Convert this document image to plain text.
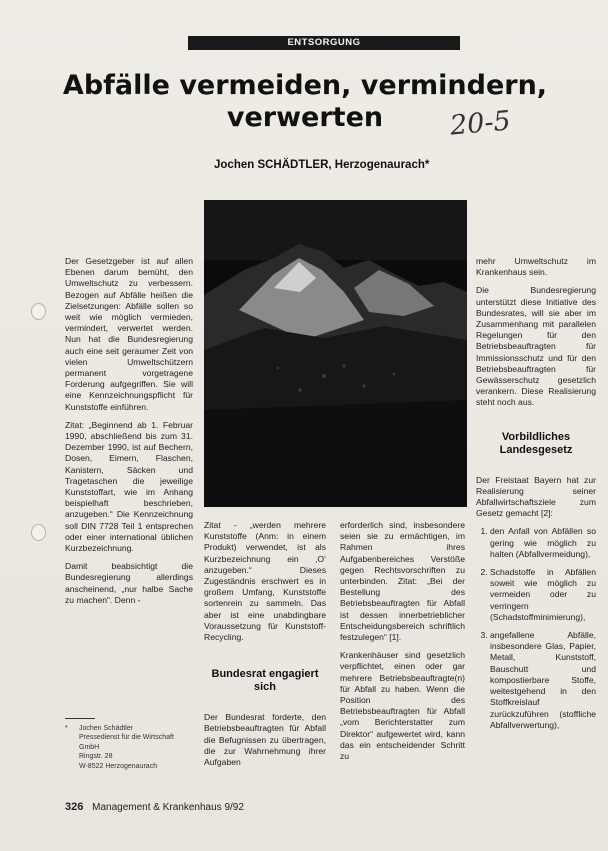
ENTSORGUNG
Abfälle vermeiden, vermindern,
verwerten	20-5
Jochen SCHÄDTLER, Herzogenaurach*

Der Gesetzgeber ist auf allen Ebenen darum bemüht, den Umweltschutz zu verbessern. Bezogen auf Abfälle heißen die Zielsetzungen: Abfälle sollen so weit wie möglich vermieden, vermindert, verwertet werden. Nun hat die Bundesregierung auch eine seit geraumer Zeit von vielen Umweltschützern permanent vorgetragene Forderung aufgegriffen. Sie will eine Kennzeichnungspflicht für Kunststoffe einführen.

Zitat: „Beginnend ab 1. Februar 1990, abschließend bis zum 31. Dezember 1990, ist auf Bechern, Dosen, Eimern, Flaschen, Kanistern, Säcken und Tragetaschen die jeweilige Kunststoffart, wie im Anhang beispielhaft beschrieben, anzugeben.“ Die Kennzeichnung soll DIN 7728 Teil 1 entsprechen oder einer international üblichen Kurzbezeichnung.

Damit beabsichtigt die Bundesregierung allerdings anscheinend, „nur halbe Sache zu machen“. Denn -

Zitat - „werden mehrere Kunststoffe (Anm: in einem Produkt) verwendet, ist als Kurzbezeichnung ein ‚O‘ anzugeben.“ Dieses Zugeständnis erschwert es in großem Umfang, Kunststoffe sortenrein zu sammeln. Das aber ist eine unabdingbare Voraussetzung für Kunststoff-Recycling.

Bundesrat engagiert sich

Der Bundesrat forderte, den Betriebsbeauftragten für Abfall die Befugnissen zu übertragen, die zur Wahrnehmung ihrer Aufgaben

erforderlich sind, insbesondere seien sie zu ermächtigen, im Rahmen ihres Aufgabenbereiches Verstöße gegen Rechtsvorschriften zu unterbinden. Zitat: „Bei der Bestellung des Betriebsbeauftragten für Abfall ist dessen innerbetrieblicher Entscheidungsbereich schriftlich festzulegen“ [1].

Krankenhäuser sind gesetzlich verpflichtet, einen oder gar mehrere Betriebsbeauftragte(n) für Abfall zu haben. Wenn die Position des Betriebsbeauftragten für Abfall „vom Berichterstatter zum Direktor“ aufgewertet wird, kann das ein entscheidender Schritt zu

mehr Umweltschutz im Krankenhaus sein.

Die Bundesregierung unterstützt diese Initiative des Bundesrates, will sie aber im Zusammenhang mit parallelen Regelungen für den Betriebsbeauftragten für Immissionsschutz und für den Betriebsbeauftragten für Gewässerschutz gesetzlich verankern. Diese Realisierung steht noch aus.

Vorbildliches Landesgesetz

Der Freistaat Bayern hat zur Realisierung seiner Abfallwirtschaftsziele zum Gesetz gemacht [2]:

1. den Anfall von Abfällen so gering wie möglich zu halten (Abfallvermeidung),
2. Schadstoffe in Abfällen soweit wie möglich zu vermeiden oder zu verringern (Schadstoffminimierung),
3. angefallene Abfälle, insbesondere Glas, Papier, Metall, Kunststoff, Bauschutt und kompostierbare Stoffe, weitestgehend in den Stoffkreislauf zurückzuführen (stoffliche Abfallverwertung),
* Jochen Schädtler
Pressedienst für die Wirtschaft
GmbH
Ringstr. 28
W-8522 Herzogenaurach
326 Management & Krankenhaus 9/92
